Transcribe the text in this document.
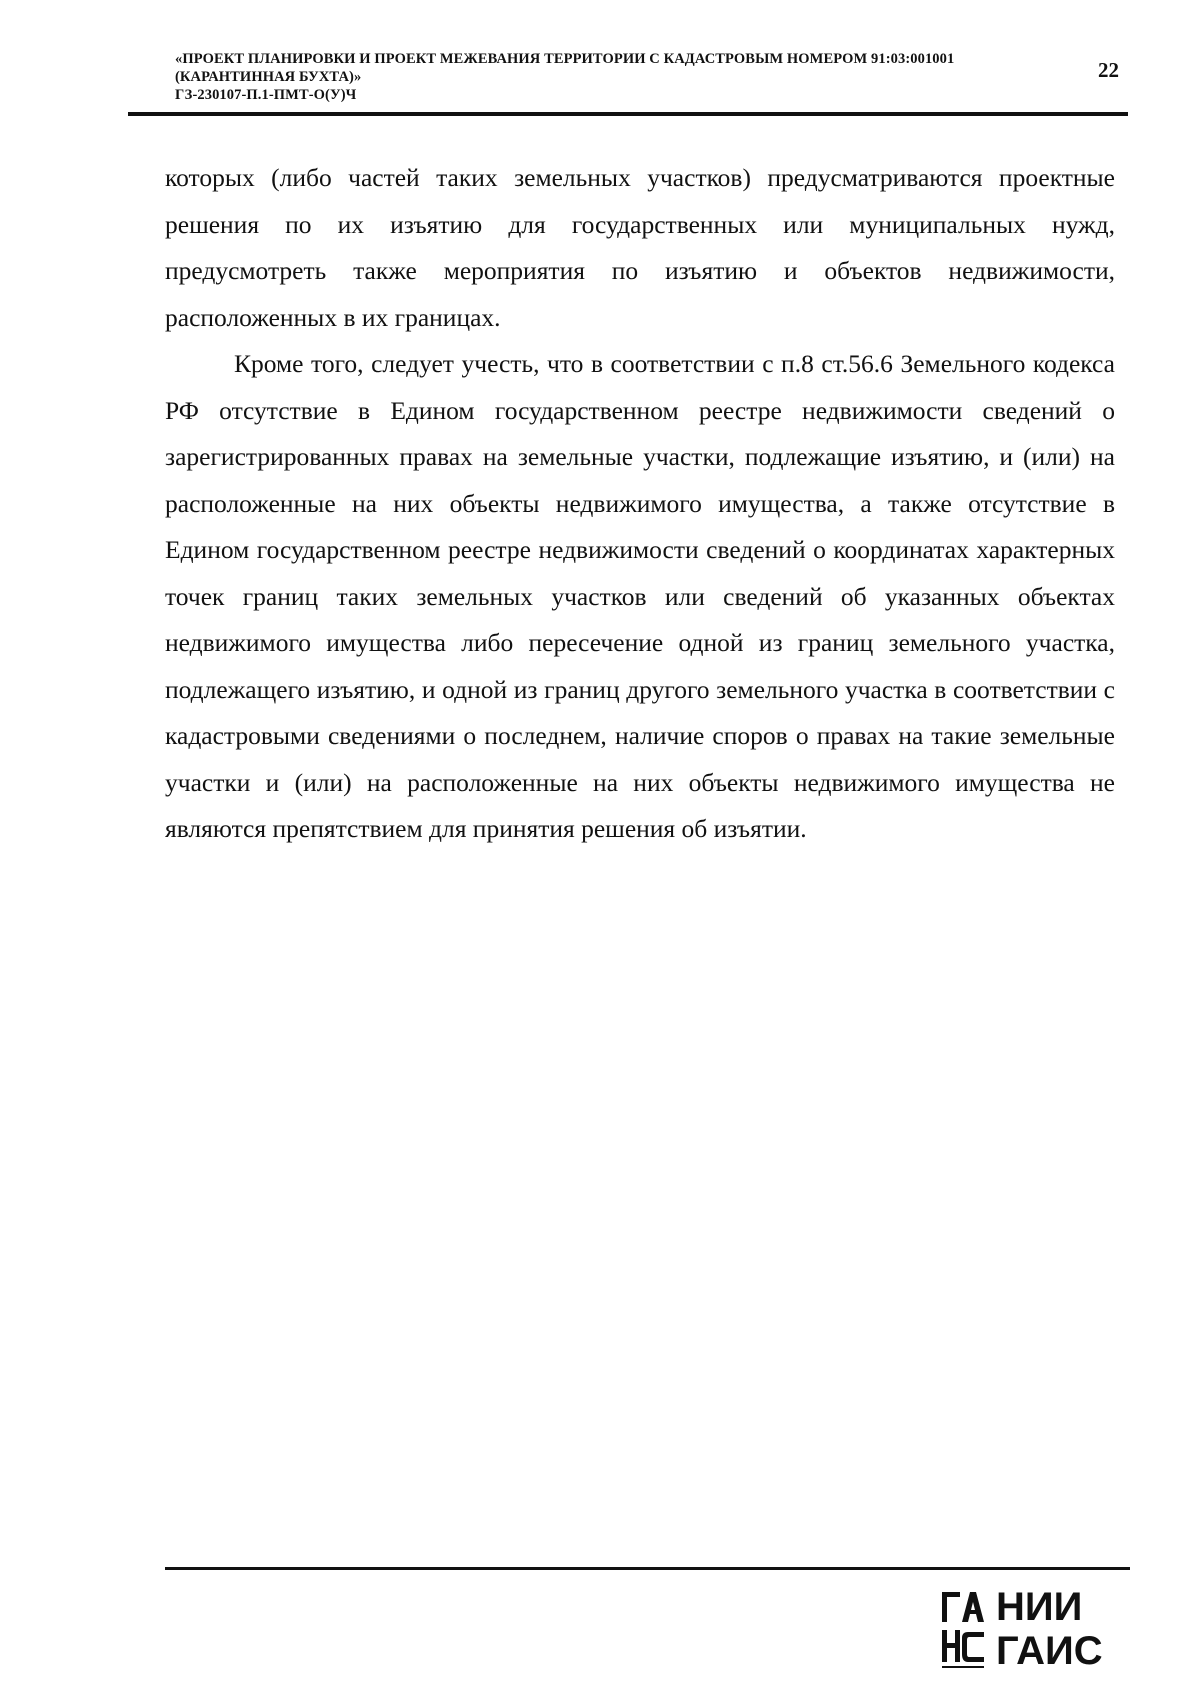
«ПРОЕКТ ПЛАНИРОВКИ И ПРОЕКТ МЕЖЕВАНИЯ ТЕРРИТОРИИ С КАДАСТРОВЫМ НОМЕРОМ 91:03:001001
(КАРАНТИННАЯ БУХТА)»
ГЗ-230107-П.1-ПМТ-О(У)Ч
22

которых (либо частей таких земельных участков) предусматриваются проектные решения по их изъятию для государственных или муниципальных нужд, предусмотреть также мероприятия по изъятию и объектов недвижимости, расположенных в их границах.

Кроме того, следует учесть, что в соответствии с п.8 ст.56.6 Земельного кодекса РФ отсутствие в Едином государственном реестре недвижимости сведений о зарегистрированных правах на земельные участки, подлежащие изъятию, и (или) на расположенные на них объекты недвижимого имущества, а также отсутствие в Едином государственном реестре недвижимости сведений о координатах характерных точек границ таких земельных участков или сведений об указанных объектах недвижимого имущества либо пересечение одной из границ земельного участка, подлежащего изъятию, и одной из границ другого земельного участка в соответствии с кадастровыми сведениями о последнем, наличие споров о правах на такие земельные участки и (или) на расположенные на них объекты недвижимого имущества не являются препятствием для принятия решения об изъятии.

НИИ
ГАИС
